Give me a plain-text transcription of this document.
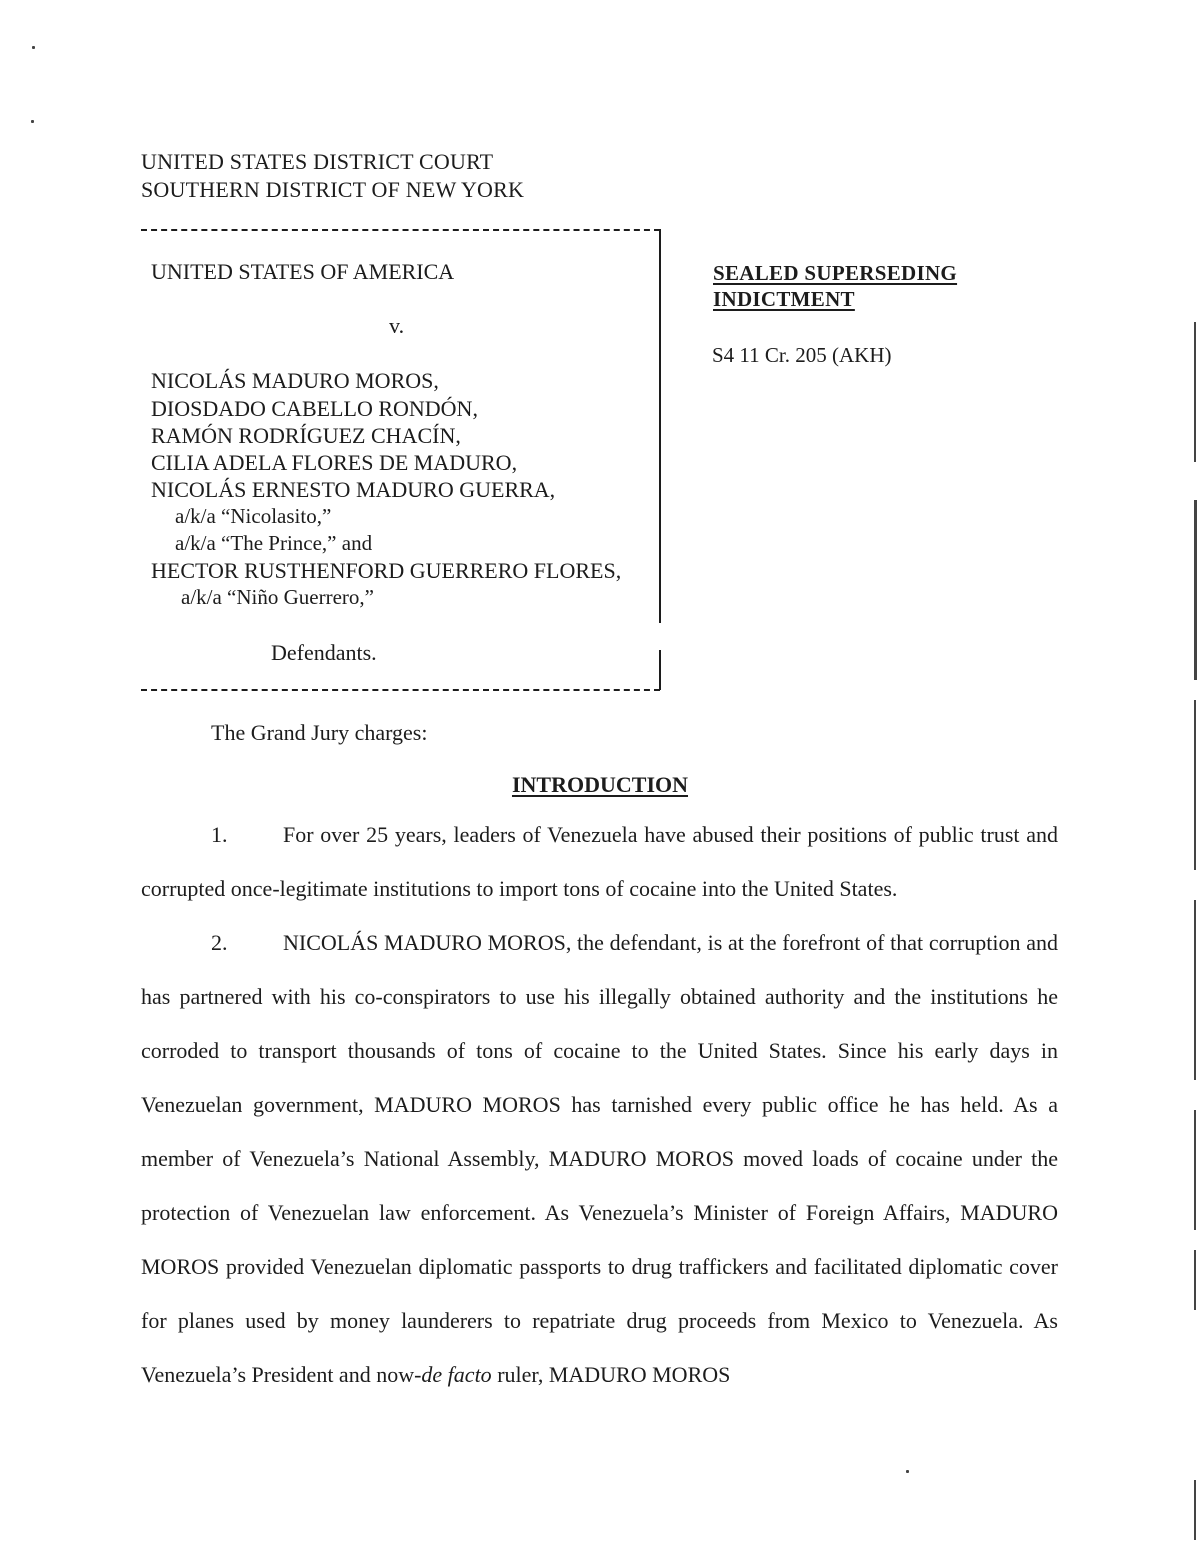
UNITED STATES DISTRICT COURT
SOUTHERN DISTRICT OF NEW YORK
UNITED STATES OF AMERICA
v.
NICOLÁS MADURO MOROS,
DIOSDADO CABELLO RONDÓN,
RAMÓN RODRÍGUEZ CHACÍN,
CILIA ADELA FLORES DE MADURO,
NICOLÁS ERNESTO MADURO GUERRA,
a/k/a “Nicolasito,”
a/k/a “The Prince,” and
HECTOR RUSTHENFORD GUERRERO FLORES,
a/k/a “Niño Guerrero,”
Defendants.
SEALED SUPERSEDING
INDICTMENT
S4 11 Cr. 205 (AKH)
The Grand Jury charges:
INTRODUCTION
1.	For over 25 years, leaders of Venezuela have abused their positions of public trust and corrupted once-legitimate institutions to import tons of cocaine into the United States.
2.	NICOLÁS MADURO MOROS, the defendant, is at the forefront of that corruption and has partnered with his co-conspirators to use his illegally obtained authority and the institutions he corroded to transport thousands of tons of cocaine to the United States. Since his early days in Venezuelan government, MADURO MOROS has tarnished every public office he has held. As a member of Venezuela’s National Assembly, MADURO MOROS moved loads of cocaine under the protection of Venezuelan law enforcement. As Venezuela’s Minister of Foreign Affairs, MADURO MOROS provided Venezuelan diplomatic passports to drug traffickers and facilitated diplomatic cover for planes used by money launderers to repatriate drug proceeds from Mexico to Venezuela. As Venezuela’s President and now-de facto ruler, MADURO MOROS
